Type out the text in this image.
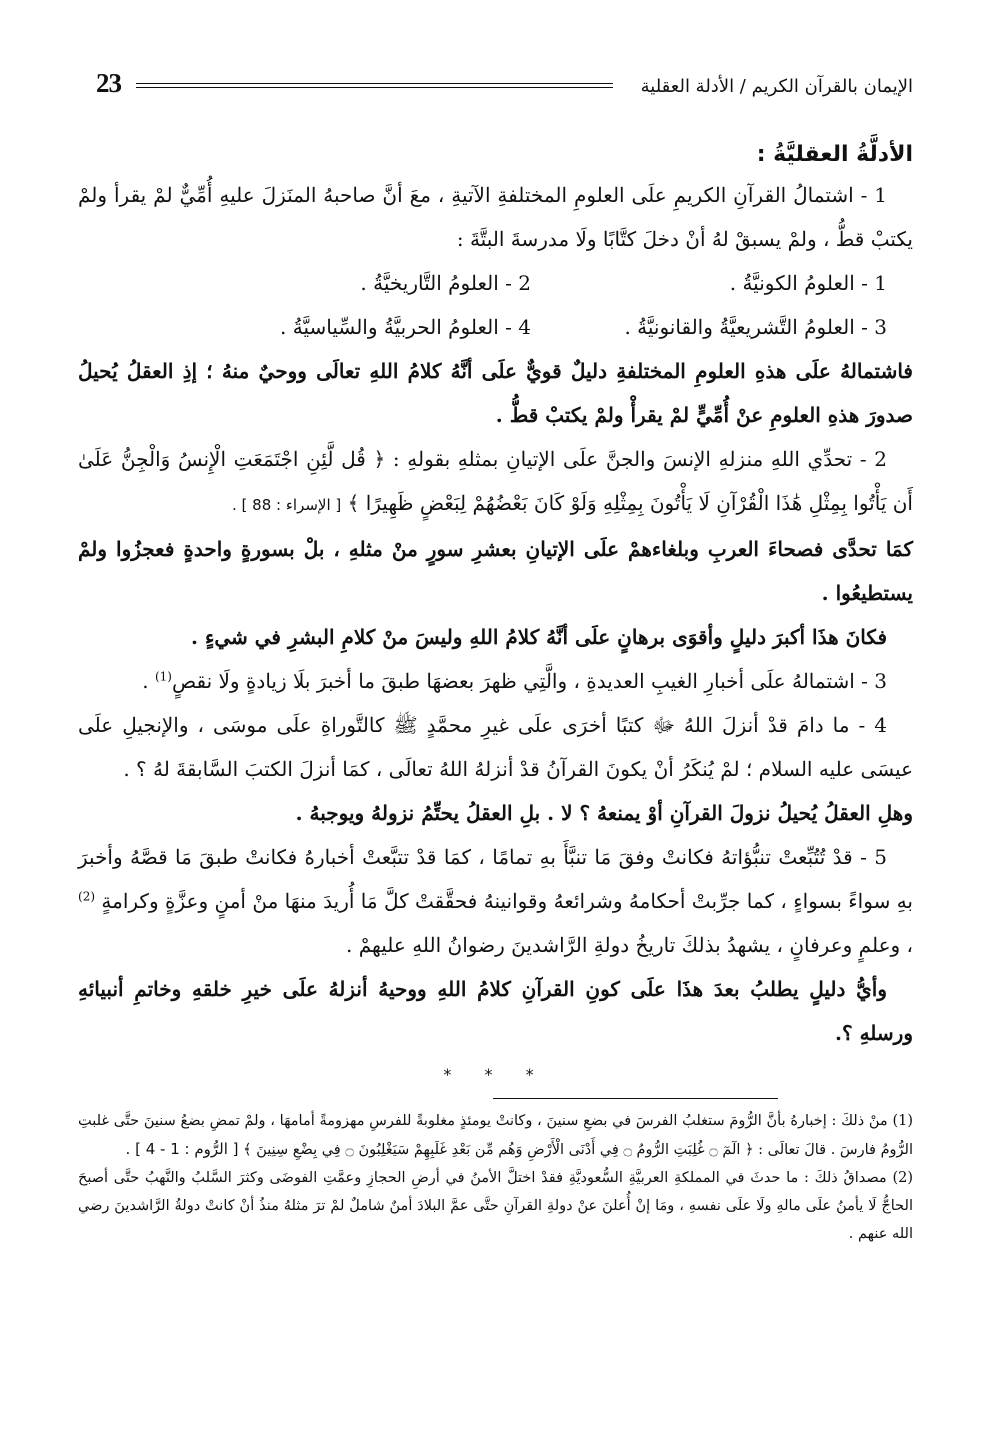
23	الإيمان بالقرآن الكريم / الأدلة العقلية
الأدلَّةُ العقليَّةُ :

1 - اشتمالُ القرآنِ الكريمِ علَى العلومِ المختلفةِ الآتيةِ ، معَ أنَّ صاحبهُ المنَزلَ عليهِ أُمِّيٌّ لمْ يقرأ ولمْ يكتبْ قطُّ ، ولمْ يسبقْ لهُ أنْ دخلَ كتَّابًا ولَا مدرسةَ البتَّةَ :

1 - العلومُ الكونيَّةُ .
2 - العلومُ التَّاريخيَّةُ .
3 - العلومُ التَّشريعيَّةُ والقانونيَّةُ .
4 - العلومُ الحربيَّةُ والسِّياسيَّةُ .

فاشتمالهُ علَى هذهِ العلومِ المختلفةِ دليلٌ قويٌّ علَى أنَّهُ كلامُ اللهِ تعالَى ووحيٌ منهُ ؛ إذِ العقلُ يُحيلُ صدورَ هذهِ العلومِ عنْ أُمِّيٍّ لمْ يقرأْ ولمْ يكتبْ قطُّ .

2 - تحدِّي اللهِ منزلهِ الإنسَ والجنَّ علَى الإتيانِ بمثلهِ بقولهِ : ﴿ قُل لَّئِنِ اجْتَمَعَتِ الْإِنسُ وَالْجِنُّ عَلَىٰ أَن يَأْتُوا بِمِثْلِ هَٰذَا الْقُرْآنِ لَا يَأْتُونَ بِمِثْلِهِ وَلَوْ كَانَ بَعْضُهُمْ لِبَعْضٍ ظَهِيرًا ﴾ [ الإسراء : 88 ] .

كمَا تحدَّى فصحاءَ العربِ وبلغاءهمْ علَى الإتيانِ بعشرِ سورٍ منْ مثلهِ ، بلْ بسورةٍ واحدةٍ فعجزُوا ولمْ يستطيعُوا .

فكانَ هذَا أكبرَ دليلٍ وأقوَى برهانٍ علَى أنَّهُ كلامُ اللهِ وليسَ منْ كلامِ البشرِ في شيءٍ .

3 - اشتمالهُ علَى أخبارِ الغيبِ العديدةِ ، والَّتِي ظهرَ بعضهَا طبقَ ما أخبرَ بلَا زيادةٍ ولَا نقصٍ$^{(1)}$ .

4 - ما دامَ قدْ أنزلَ اللهُ ﷻ كتبًا أخرَى علَى غيرِ محمَّدٍ ﷺ كالتَّوراةِ علَى موسَى ، والإنجيلِ علَى عيسَى عليه السلام ؛ لمْ يُنكَرُ أنْ يكونَ القرآنُ قدْ أنزلهُ اللهُ تعالَى ، كمَا أنزلَ الكتبَ السَّابقةَ لهُ ؟ .

وهلِ العقلُ يُحيلُ نزولَ القرآنِ أوْ يمنعهُ ؟ لا . بلِ العقلُ يحتِّمُ نزولهُ ويوجبهُ .

5 - قدْ تُتُبِّعتْ تنبُّؤاتهُ فكانتْ وفقَ مَا تنبَّأَ بهِ تمامًا ، كمَا قدْ تتبَّعتْ أخبارهُ فكانتْ طبقَ مَا قصَّهُ وأخبرَ بهِ سواءً بسواءٍ ، كما جرِّبتْ أحكامهُ وشرائعهُ وقوانينهُ فحقَّقتْ كلَّ مَا أُريدَ منهَا منْ أمنٍ وعزَّةٍ وكرامةٍ $^{(2)}$ ، وعلمٍ وعرفانٍ ، يشهدُ بذلكَ تاريخُ دولةِ الرَّاشدينَ رضوانُ اللهِ عليهمْ .

وأيُّ دليلٍ يطلبُ بعدَ هذَا علَى كونِ القرآنِ كلامُ اللهِ ووحيهُ أنزلهُ علَى خيرِ خلقهِ وخاتمِ أنبيائهِ ورسلهِ ؟.

* * *

(1) منْ ذلكَ : إخبارهُ بأنَّ الرُّومَ ستغلبُ الفرسَ في بضعِ سنينَ ، وكانتْ يومئذٍ مغلوبةً للفرسِ مهزومةً أمامهَا ، ولمْ تمضِ بضعُ سنينَ حتَّى غلبتِ الرُّومُ فارسَ . قالَ تعالَى : ﴿ الٓمٓ ۝ غُلِبَتِ الرُّومُ ۝ فِي أَدْنَى الْأَرْضِ وَهُم مِّن بَعْدِ غَلَبِهِمْ سَيَغْلِبُونَ ۝ فِي بِضْعِ سِنِينَ ﴾ [ الرُّوم : 1 - 4 ] .

(2) مصداقُ ذلكَ : ما حدثَ في المملكةِ العربيَّةِ السُّعوديَّةِ فقدْ اختلَّ الأمنُ في أرضِ الحجازِ وعمَّتِ الفوضَى وكثرَ السَّلبُ والنَّهبُ حتَّى أصبحَ الحاجُّ لَا يأمنُ علَى مالهِ ولَا علَى نفسهِ ، ومَا إنْ أُعلنَ عنْ دولةِ القرآنِ حتَّى عمَّ البلادَ أمنٌ شاملٌ لمْ ترَ مثلهُ منذُ أنْ كانتْ دولةُ الرَّاشدينَ رضي الله عنهم .
